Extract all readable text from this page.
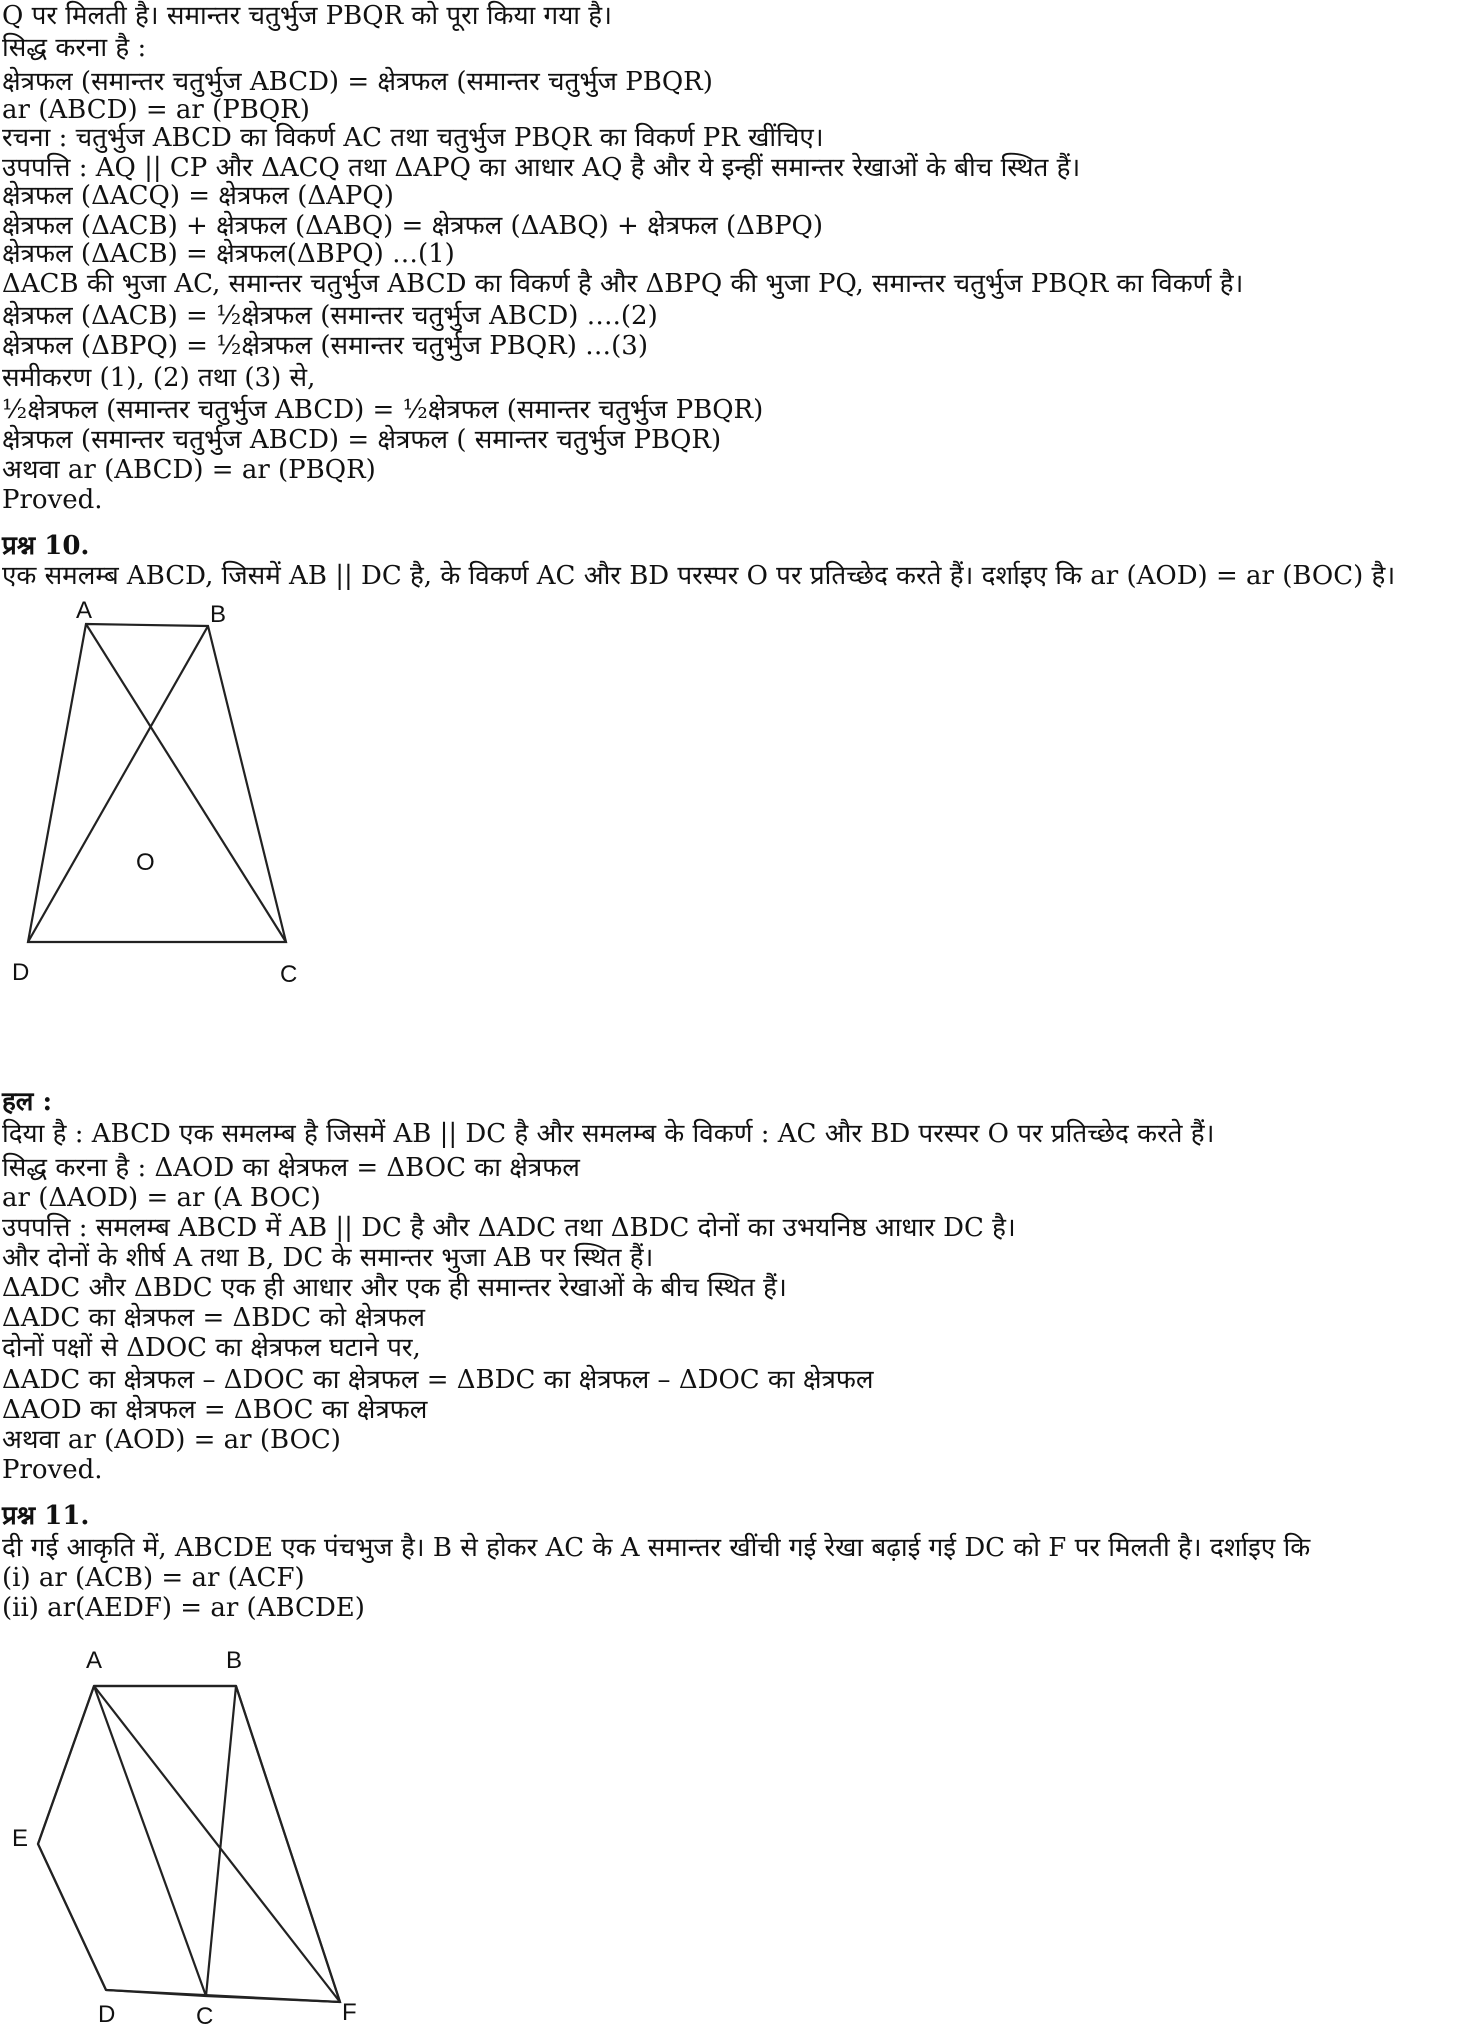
Q पर मिलती है। समान्तर चतुर्भुज PBQR को पूरा किया गया है।
सिद्ध करना है :
क्षेत्रफल (समान्तर चतुर्भुज ABCD) = क्षेत्रफल (समान्तर चतुर्भुज PBQR)
ar (ABCD) = ar (PBQR)
रचना : चतुर्भुज ABCD का विकर्ण AC तथा चतुर्भुज PBQR का विकर्ण PR खींचिए।
उपपत्ति : AQ || CP और ΔACQ तथा ΔAPQ का आधार AQ है और ये इन्हीं समान्तर रेखाओं के बीच स्थित हैं।
क्षेत्रफल (ΔACQ) = क्षेत्रफल (ΔAPQ)
क्षेत्रफल (ΔACB) + क्षेत्रफल (ΔABQ) = क्षेत्रफल (ΔABQ) + क्षेत्रफल (ΔBPQ)
क्षेत्रफल (ΔACB) = क्षेत्रफल(ΔBPQ) …(1)
ΔACB की भुजा AC, समान्तर चतुर्भुज ABCD का विकर्ण है और ΔBPQ की भुजा PQ, समान्तर चतुर्भुज PBQR का विकर्ण है।
क्षेत्रफल (ΔACB) = ½क्षेत्रफल (समान्तर चतुर्भुज ABCD) ….(2)
क्षेत्रफल (ΔBPQ) = ½क्षेत्रफल (समान्तर चतुर्भुज PBQR) …(3)
समीकरण (1), (2) तथा (3) से,
½क्षेत्रफल (समान्तर चतुर्भुज ABCD) = ½क्षेत्रफल (समान्तर चतुर्भुज PBQR)
क्षेत्रफल (समान्तर चतुर्भुज ABCD) = क्षेत्रफल ( समान्तर चतुर्भुज PBQR)
अथवा ar (ABCD) = ar (PBQR)
Proved.
प्रश्न 10.
एक समलम्ब ABCD, जिसमें AB || DC है, के विकर्ण AC और BD परस्पर O पर प्रतिच्छेद करते हैं। दर्शाइए कि ar (AOD) = ar (BOC) है।
A	B
C
D
O
हल :
दिया है : ABCD एक समलम्ब है जिसमें AB || DC है और समलम्ब के विकर्ण : AC और BD परस्पर O पर प्रतिच्छेद करते हैं।
सिद्ध करना है : ΔAOD का क्षेत्रफल = ΔBOC का क्षेत्रफल
ar (ΔAOD) = ar (A BOC)
उपपत्ति : समलम्ब ABCD में AB || DC है और ΔADC तथा ΔBDC दोनों का उभयनिष्ठ आधार DC है।
और दोनों के शीर्ष A तथा B, DC के समान्तर भुजा AB पर स्थित हैं।
ΔADC और ΔBDC एक ही आधार और एक ही समान्तर रेखाओं के बीच स्थित हैं।
ΔADC का क्षेत्रफल = ΔBDC को क्षेत्रफल
दोनों पक्षों से ΔDOC का क्षेत्रफल घटाने पर,
ΔADC का क्षेत्रफल – ΔDOC का क्षेत्रफल = ΔBDC का क्षेत्रफल – ΔDOC का क्षेत्रफल
ΔAOD का क्षेत्रफल = ΔBOC का क्षेत्रफल
अथवा ar (AOD) = ar (BOC)
Proved.
प्रश्न 11.
दी गई आकृति में, ABCDE एक पंचभुज है। B से होकर AC के A समान्तर खींची गई रेखा बढ़ाई गई DC को F पर मिलती है। दर्शाइए कि
(i) ar (ACB) = ar (ACF)
(ii) ar(AEDF) = ar (ABCDE)
A	B
C
D
E
F
